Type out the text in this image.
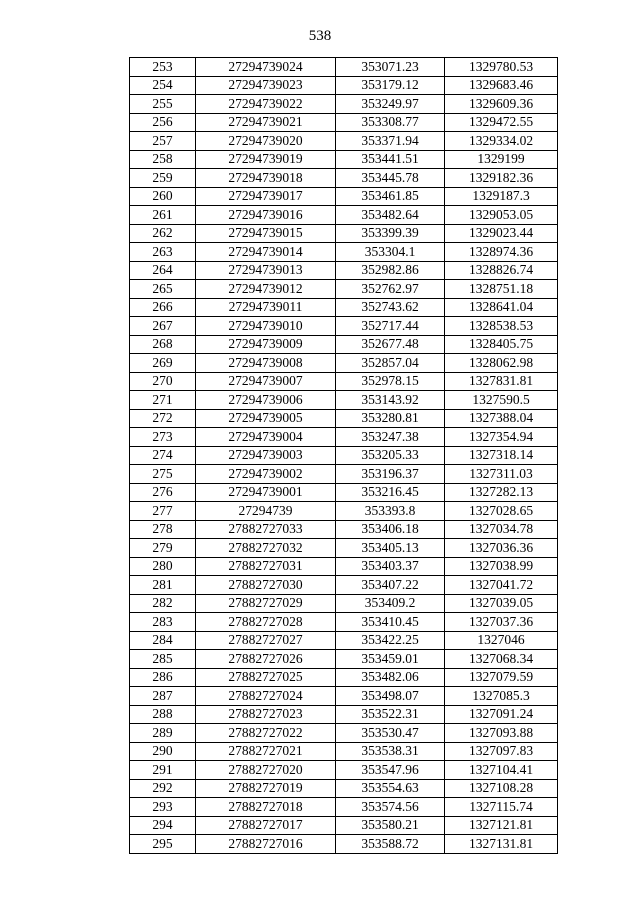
538
253	27294739024	353071.23	1329780.53
254	27294739023	353179.12	1329683.46
255	27294739022	353249.97	1329609.36
256	27294739021	353308.77	1329472.55
257	27294739020	353371.94	1329334.02
258	27294739019	353441.51	1329199
259	27294739018	353445.78	1329182.36
260	27294739017	353461.85	1329187.3
261	27294739016	353482.64	1329053.05
262	27294739015	353399.39	1329023.44
263	27294739014	353304.1	1328974.36
264	27294739013	352982.86	1328826.74
265	27294739012	352762.97	1328751.18
266	27294739011	352743.62	1328641.04
267	27294739010	352717.44	1328538.53
268	27294739009	352677.48	1328405.75
269	27294739008	352857.04	1328062.98
270	27294739007	352978.15	1327831.81
271	27294739006	353143.92	1327590.5
272	27294739005	353280.81	1327388.04
273	27294739004	353247.38	1327354.94
274	27294739003	353205.33	1327318.14
275	27294739002	353196.37	1327311.03
276	27294739001	353216.45	1327282.13
277	27294739	353393.8	1327028.65
278	27882727033	353406.18	1327034.78
279	27882727032	353405.13	1327036.36
280	27882727031	353403.37	1327038.99
281	27882727030	353407.22	1327041.72
282	27882727029	353409.2	1327039.05
283	27882727028	353410.45	1327037.36
284	27882727027	353422.25	1327046
285	27882727026	353459.01	1327068.34
286	27882727025	353482.06	1327079.59
287	27882727024	353498.07	1327085.3
288	27882727023	353522.31	1327091.24
289	27882727022	353530.47	1327093.88
290	27882727021	353538.31	1327097.83
291	27882727020	353547.96	1327104.41
292	27882727019	353554.63	1327108.28
293	27882727018	353574.56	1327115.74
294	27882727017	353580.21	1327121.81
295	27882727016	353588.72	1327131.81
